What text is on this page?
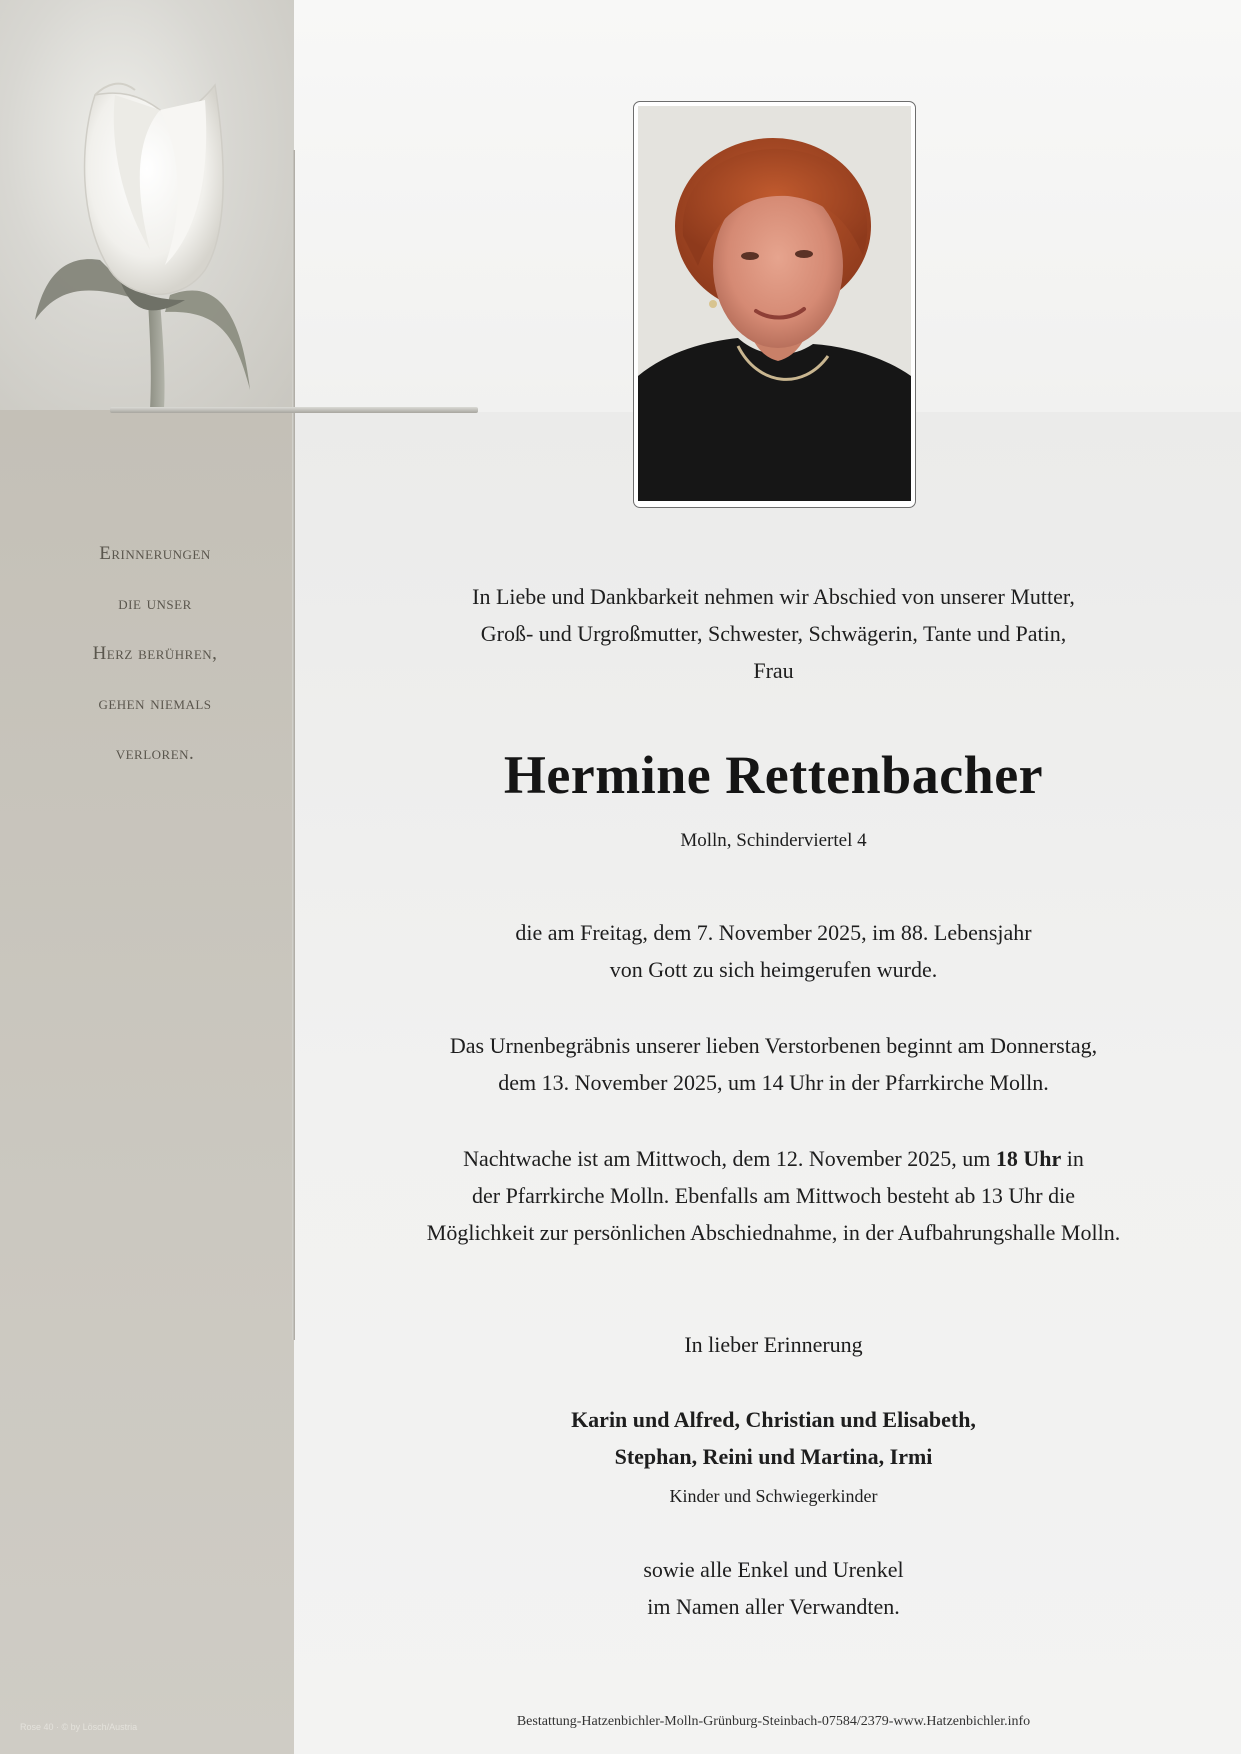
Erinnerungen
die unser
Herz berühren,
gehen niemals
verloren.
In Liebe und Dankbarkeit nehmen wir Abschied von unserer Mutter,
Groß- und Urgroßmutter, Schwester, Schwägerin, Tante und Patin,
Frau
Hermine Rettenbacher
Molln, Schinderviertel 4
die am Freitag, dem 7. November 2025, im 88. Lebensjahr
von Gott zu sich heimgerufen wurde.
Das Urnenbegräbnis unserer lieben Verstorbenen beginnt am Donnerstag,
dem 13. November 2025, um 14 Uhr in der Pfarrkirche Molln.
Nachtwache ist am Mittwoch, dem 12. November 2025, um 18 Uhr in
der Pfarrkirche Molln. Ebenfalls am Mittwoch besteht ab 13 Uhr die
Möglichkeit zur persönlichen Abschiednahme, in der Aufbahrungshalle Molln.
In lieber Erinnerung
Karin und Alfred, Christian und Elisabeth,
Stephan, Reini und Martina, Irmi
Kinder und Schwiegerkinder
sowie alle Enkel und Urenkel
im Namen aller Verwandten.
Bestattung-Hatzenbichler-Molln-Grünburg-Steinbach-07584/2379-www.Hatzenbichler.info
Rose 40 · © by Lösch/Austria
